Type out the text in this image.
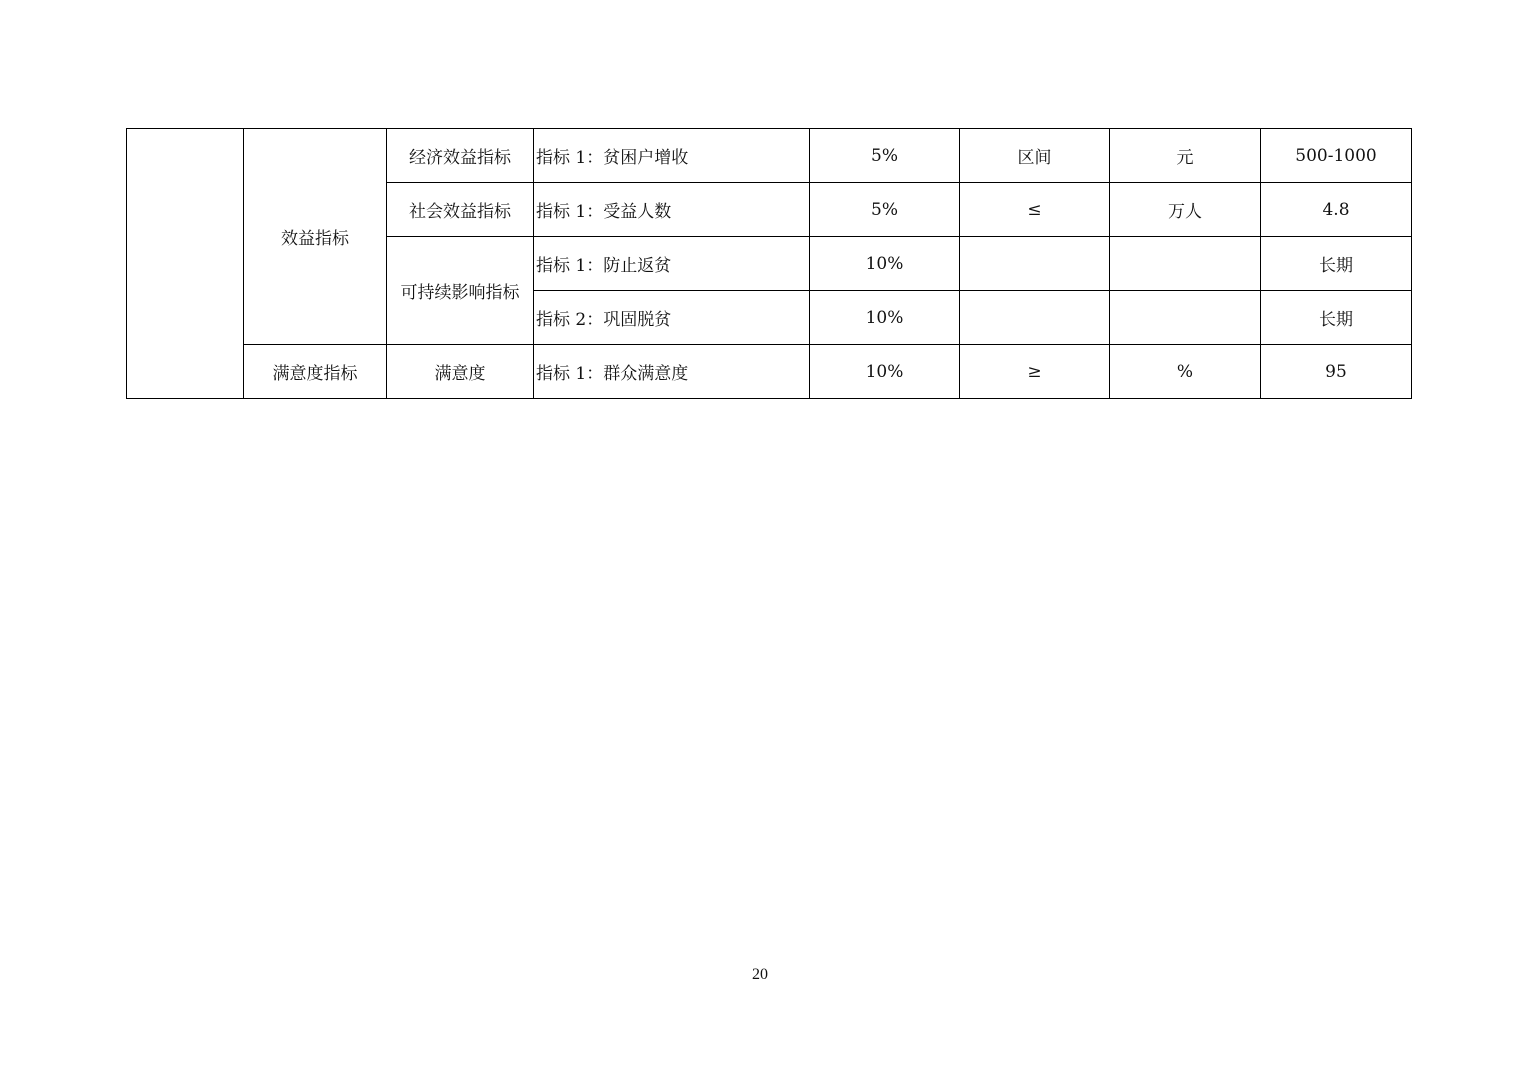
	效益指标	经济效益指标	指标 1：贫困户增收	5%	区间	元	500-1000
		社会效益指标	指标 1：受益人数	5%	≤	万人	4.8
		可持续影响指标	指标 1：防止返贫	10%			长期
			指标 2：巩固脱贫	10%			长期
	满意度指标	满意度	指标 1：群众满意度	10%	≥	%	95
20
